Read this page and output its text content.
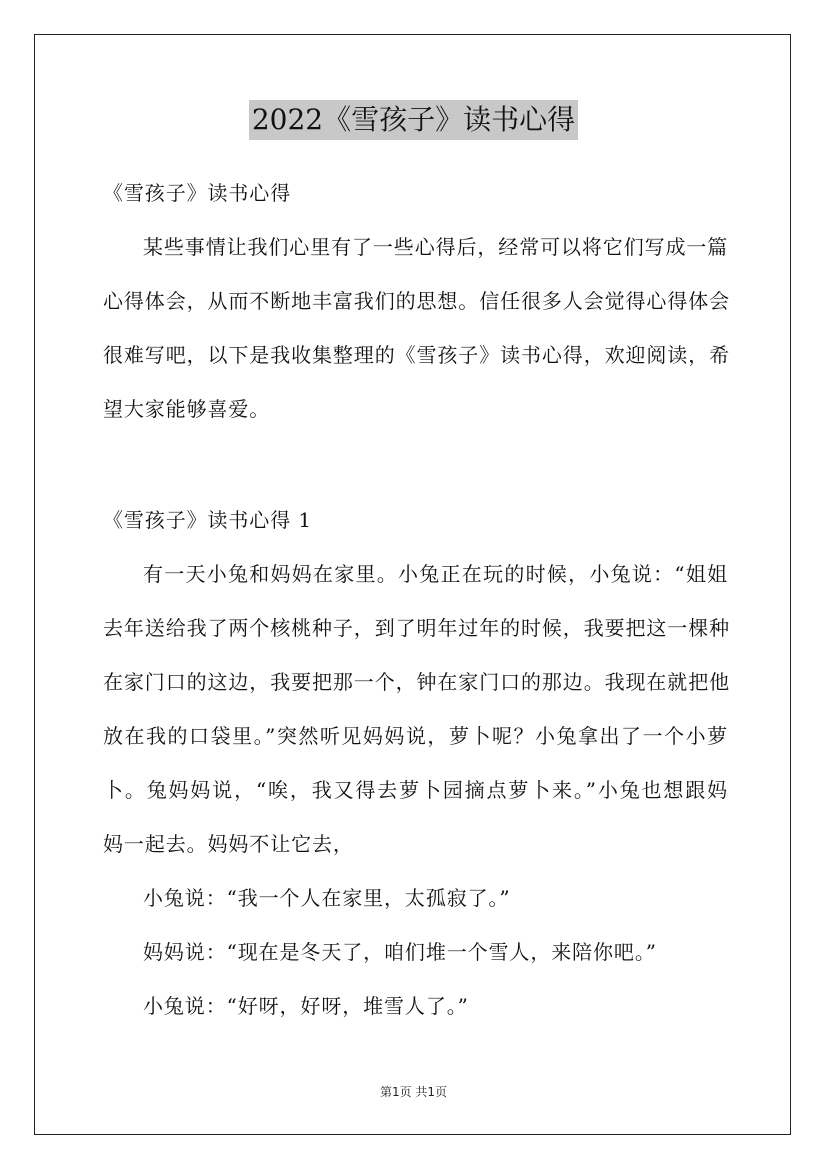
2022《雪孩子》读书心得
《雪孩子》读书心得
某些事情让我们心里有了一些心得后，经常可以将它们写成一篇
心得体会，从而不断地丰富我们的思想。信任很多人会觉得心得体会
很难写吧，以下是我收集整理的《雪孩子》读书心得，欢迎阅读，希
望大家能够喜爱。
《雪孩子》读书心得 1
有一天小兔和妈妈在家里。小兔正在玩的时候，小兔说：“姐姐
去年送给我了两个核桃种子，到了明年过年的时候，我要把这一棵种
在家门口的这边，我要把那一个，钟在家门口的那边。我现在就把他
放在我的口袋里。”突然听见妈妈说，萝卜呢？小兔拿出了一个小萝
卜。兔妈妈说，“唉，我又得去萝卜园摘点萝卜来。”小兔也想跟妈
妈一起去。妈妈不让它去，
小兔说：“我一个人在家里，太孤寂了。”
妈妈说：“现在是冬天了，咱们堆一个雪人，来陪你吧。”
小兔说：“好呀，好呀，堆雪人了。”
第1页 共1页
